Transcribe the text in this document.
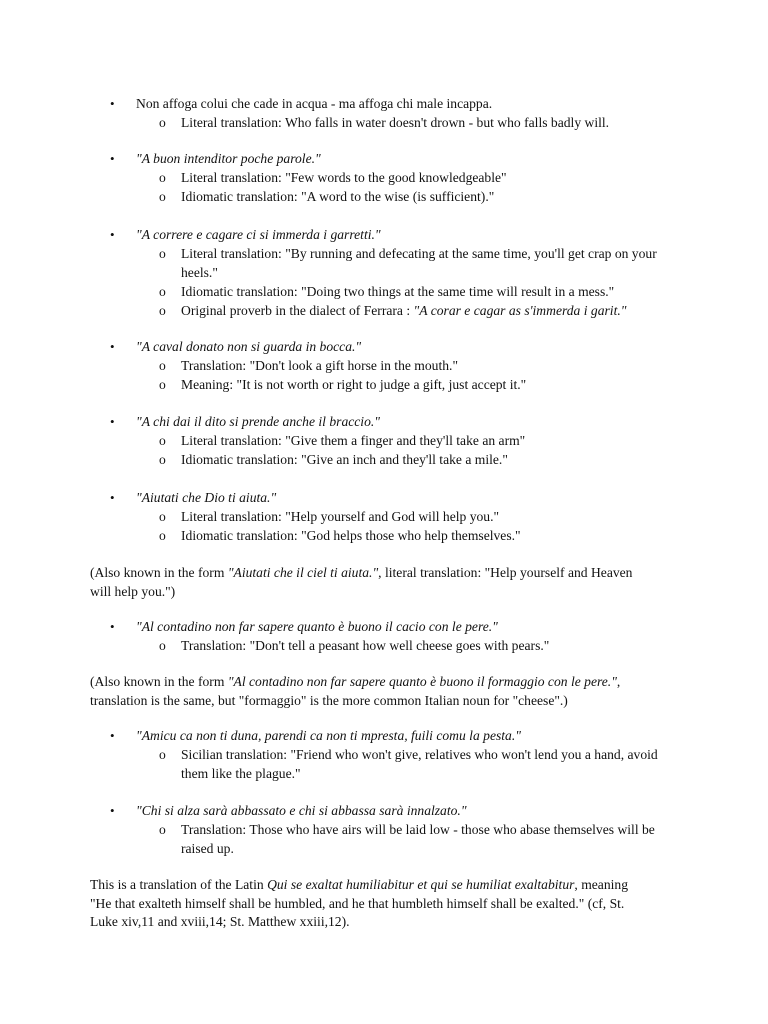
• Non affoga colui che cade in acqua - ma affoga chi male incappa.
o Literal translation: Who falls in water doesn't drown - but who falls badly will.
• "A buon intenditor poche parole."
o Literal translation: "Few words to the good knowledgeable"
o Idiomatic translation: "A word to the wise (is sufficient)."
• "A correre e cagare ci si immerda i garretti."
o Literal translation: "By running and defecating at the same time, you'll get crap on your heels."
o Idiomatic translation: "Doing two things at the same time will result in a mess."
o Original proverb in the dialect of Ferrara : "A corar e cagar as s'immerda i garit."
• "A caval donato non si guarda in bocca."
o Translation: "Don't look a gift horse in the mouth."
o Meaning: "It is not worth or right to judge a gift, just accept it."
• "A chi dai il dito si prende anche il braccio."
o Literal translation: "Give them a finger and they'll take an arm"
o Idiomatic translation: "Give an inch and they'll take a mile."
• "Aiutati che Dio ti aiuta."
o Literal translation: "Help yourself and God will help you."
o Idiomatic translation: "God helps those who help themselves."
(Also known in the form "Aiutati che il ciel ti aiuta.", literal translation: "Help yourself and Heaven will help you.")
• "Al contadino non far sapere quanto è buono il cacio con le pere."
o Translation: "Don't tell a peasant how well cheese goes with pears."
(Also known in the form "Al contadino non far sapere quanto è buono il formaggio con le pere.", translation is the same, but "formaggio" is the more common Italian noun for "cheese".)
• "Amicu ca non ti duna, parendi ca non ti mpresta, fuili comu la pesta."
o Sicilian translation: "Friend who won't give, relatives who won't lend you a hand, avoid them like the plague."
• "Chi si alza sarà abbassato e chi si abbassa sarà innalzato."
o Translation: Those who have airs will be laid low - those who abase themselves will be raised up.
This is a translation of the Latin Qui se exaltat humiliabitur et qui se humiliat exaltabitur, meaning "He that exalteth himself shall be humbled, and he that humbleth himself shall be exalted." (cf, St. Luke xiv,11 and xviii,14; St. Matthew xxiii,12).
